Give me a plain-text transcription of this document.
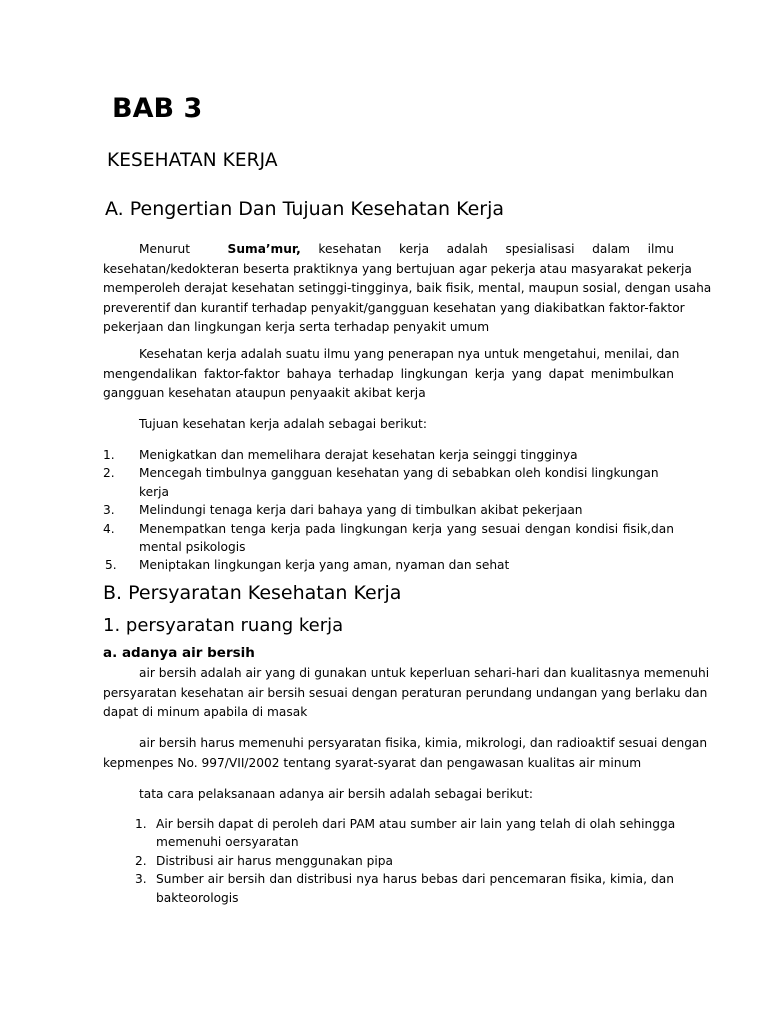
BAB 3
KESEHATAN KERJA
A. Pengertian Dan Tujuan Kesehatan Kerja
Menurut	Suma’mur, kesehatan kerja adalah spesialisasi dalam ilmu
kesehatan/kedokteran beserta praktiknya yang bertujuan agar pekerja atau masyarakat pekerja
memperoleh derajat kesehatan setinggi-tingginya, baik fisik, mental, maupun sosial, dengan usaha
preverentif dan kurantif terhadap penyakit/gangguan kesehatan yang diakibatkan faktor-faktor
pekerjaan dan lingkungan kerja serta terhadap penyakit umum
Kesehatan kerja adalah suatu ilmu yang penerapan nya untuk mengetahui, menilai, dan
mengendalikan faktor-faktor bahaya terhadap lingkungan kerja yang dapat menimbulkan
gangguan kesehatan ataupun penyaakit akibat kerja
Tujuan kesehatan kerja adalah sebagai berikut:
1. Menigkatkan dan memelihara derajat kesehatan kerja seinggi tingginya
2. Mencegah timbulnya gangguan kesehatan yang di sebabkan oleh kondisi lingkungan kerja
3. Melindungi tenaga kerja dari bahaya yang di timbulkan akibat pekerjaan
4. Menempatkan tenga kerja pada lingkungan kerja yang sesuai dengan kondisi fisik,dan
mental psikologis
5. Meniptakan lingkungan kerja yang aman, nyaman dan sehat
B. Persyaratan Kesehatan Kerja
1. persyaratan ruang kerja
a. adanya air bersih
air bersih adalah air yang di gunakan untuk keperluan sehari-hari dan kualitasnya memenuhi
persyaratan kesehatan air bersih sesuai dengan peraturan perundang undangan yang berlaku dan
dapat di minum apabila di masak
air bersih harus memenuhi persyaratan fisika, kimia, mikrologi, dan radioaktif sesuai dengan
kepmenpes No. 997/VII/2002 tentang syarat-syarat dan pengawasan kualitas air minum
tata cara pelaksanaan adanya air bersih adalah sebagai berikut:
1. Air bersih dapat di peroleh dari PAM atau sumber air lain yang telah di olah sehingga
memenuhi oersyaratan
2. Distribusi air harus menggunakan pipa
3. Sumber air bersih dan distribusi nya harus bebas dari pencemaran fisika, kimia, dan
bakteorologis
